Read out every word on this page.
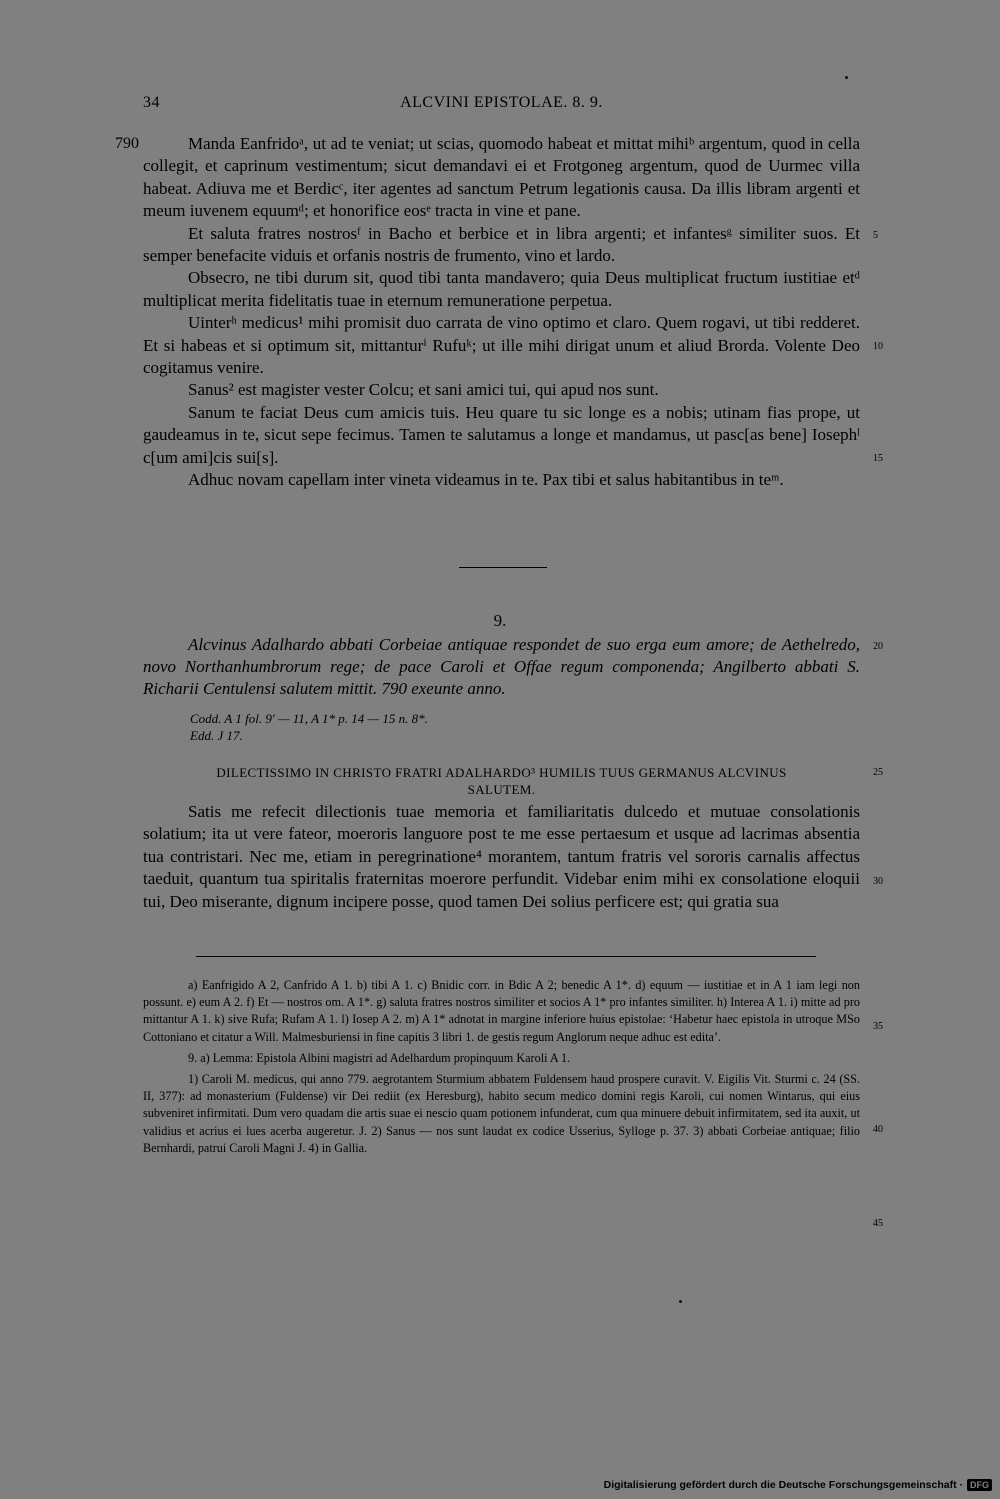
34	ALCVINI EPISTOLAE. 8. 9.
790	Manda Eanfridoᵃ, ut ad te veniat; ut scias, quomodo habeat et mittat mihiᵇ argentum, quod in cella collegit, et caprinum vestimentum; sicut demandavi ei et Frotgoneg argentum, quod de Uurmec villa habeat. Adiuva me et Berdicᶜ, iter agentes ad sanctum Petrum legationis causa. Da illis libram argenti et meum iuvenem equumᵈ; et honorifice eosᵉ tracta in vine et pane.

Et saluta fratres nostrosᶠ in Bacho et berbice et in libra argenti; et infantesᵍ similiter suos. Et semper benefacite viduis et orfanis nostris de frumento, vino et lardo.

Obsecro, ne tibi durum sit, quod tibi tanta mandavero; quia Deus multiplicat fructum iustitiae etᵈ multiplicat merita fidelitatis tuae in eternum remuneratione perpetua.

Uinterʰ medicus¹ mihi promisit duo carrata de vino optimo et claro. Quem rogavi, ut tibi redderet. Et si habeas et si optimum sit, mittanturⁱ Rufuᵏ; ut ille mihi dirigat unum et aliud Brorda. Volente Deo cogitamus venire.

Sanus² est magister vester Colcu; et sani amici tui, qui apud nos sunt.

Sanum te faciat Deus cum amicis tuis. Heu quare tu sic longe es a nobis; utinam fias prope, ut gaudeamus in te, sicut sepe fecimus. Tamen te salutamus a longe et mandamus, ut pasc[as bene] Iosephˡ c[um ami]cis sui[s].

Adhuc novam capellam inter vineta videamus in te. Pax tibi et salus habitantibus in teᵐ.

5
10
15
9.

Alcvinus Adalhardo abbati Corbeiae antiquae respondet de suo erga eum amore; de Aethelredo, novo Northanhumbrorum rege; de pace Caroli et Offae regum componenda; Angilberto abbati S. Richarii Centulensi salutem mittit. 790 exeunte anno.

Codd. A 1 fol. 9′ — 11, A 1* p. 14 — 15 n. 8*.
Edd. J 17.
DILECTISSIMO IN CHRISTO FRATRI ADALHARDO³ HUMILIS TUUS GERMANUS ALCVINUS
SALUTEM.

Satis me refecit dilectionis tuae memoria et familiaritatis dulcedo et mutuae consolationis solatium; ita ut vere fateor, moeroris languore post te me esse pertaesum et usque ad lacrimas absentia tua contristari. Nec me, etiam in peregrinatione⁴ morantem, tantum fratris vel sororis carnalis affectus taeduit, quantum tua spiritalis fraternitas moerore perfundit. Videbar enim mihi ex consolatione eloquii tui, Deo miserante, dignum incipere posse, quod tamen Dei solius perficere est; qui gratia sua

20
25
30

a) Eanfrigido A 2, Canfrido A 1. b) tibi A 1. c) Bnidic corr. in Bdic A 2; benedic A 1*. d) equum — iustitiae et in A 1 iam legi non possunt. e) eum A 2. f) Et — nostros om. A 1*. g) saluta fratres nostros similiter et socios A 1* pro infantes similiter. h) Interea A 1. i) mitte ad pro mittantur A 1. k) sive Rufa; Rufam A 1. l) Iosep A 2. m) A 1* adnotat in margine inferiore huius epistolae: ‘Habetur haec epistola in utroque MSo Cottoniano et citatur a Will. Malmesburiensi in fine capitis 3 libri 1. de gestis regum Anglorum neque adhuc est edita’.

9. a) Lemma: Epistola Albini magistri ad Adelhardum propinquum Karoli A 1.

1) Caroli M. medicus, qui anno 779. aegrotantem Sturmium abbatem Fuldensem haud prospere curavit. V. Eigilis Vit. Sturmi c. 24 (SS. II, 377): ad monasterium (Fuldense) vir Dei rediit (ex Heresburg), habito secum medico domini regis Karoli, cui nomen Wintarus, qui eius subveniret infirmitati. Dum vero quadam die artis suae ei nescio quam potionem infunderat, cum qua minuere debuit infirmitatem, sed ita auxit, ut validius et acrius ei lues acerba augeretur. J. 2) Sanus — nos sunt laudat ex codice Usserius, Sylloge p. 37. 3) abbati Corbeiae antiquae; filio Bernhardi, patrui Caroli Magni J. 4) in Gallia.

35
40
45
Digitalisierung gefördert durch die Deutsche Forschungsgemeinschaft · DFG
